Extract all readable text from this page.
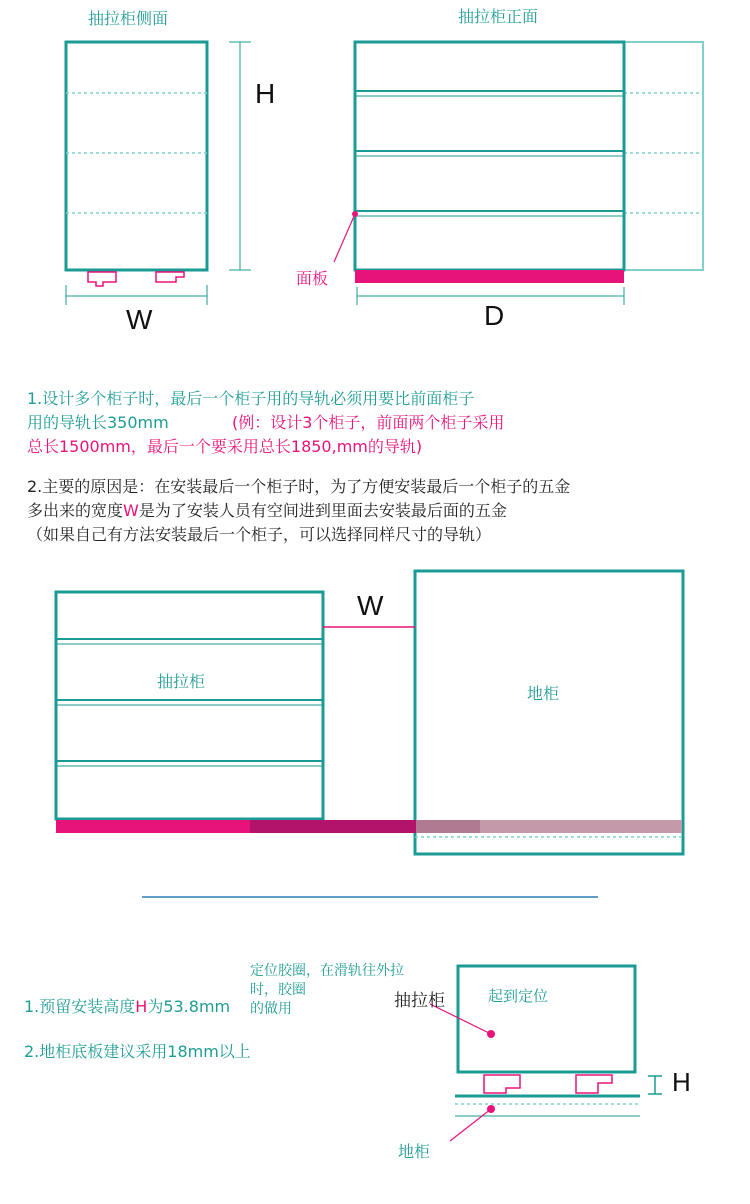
抽拉柜侧面	抽拉柜正面
H
W	D
面板
1.设计多个柜子时，最后一个柜子用的导轨必须用要比前面柜子
用的导轨长350mm	(例：设计3个柜子，前面两个柜子采用
总长1500mm，最后一个要采用总长1850,mm的导轨)
2.主要的原因是：在安装最后一个柜子时，为了方便安装最后一个柜子的五金
多出来的宽度W是为了安装人员有空间进到里面去安装最后面的五金
（如果自己有方法安装最后一个柜子，可以选择同样尺寸的导轨）
W
抽拉柜
地柜
1.预留安装高度H为53.8mm
2.地柜底板建议采用18mm以上
定位胶圈，在滑轨往外拉
时，胶圈
的做用	抽拉柜	起到定位
H
地柜
